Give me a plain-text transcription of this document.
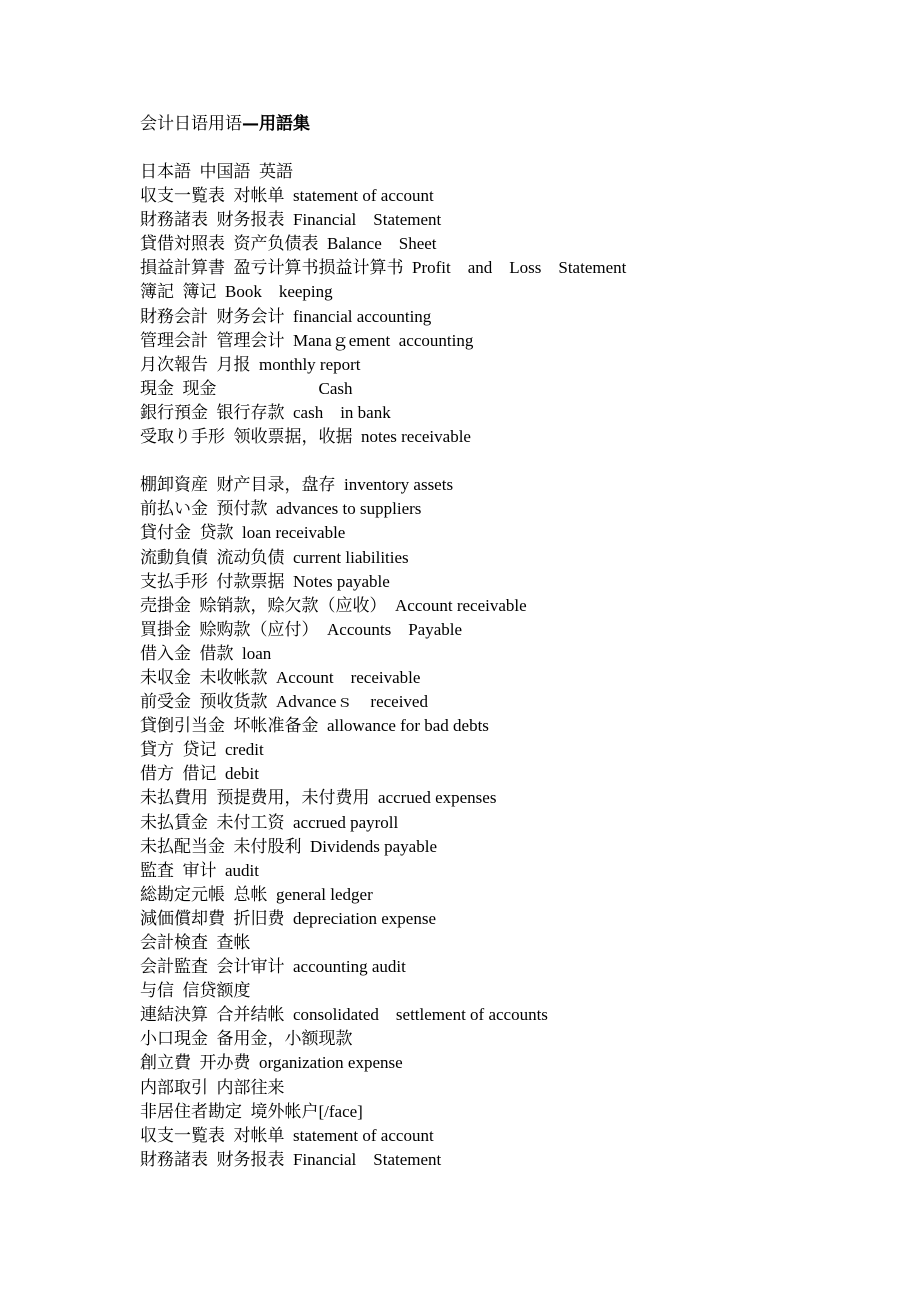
会计日语用语—用語集
日本語  中国語  英語
収支一覧表  对帐单  statement of account
財務諸表  财务报表  Financial    Statement
貸借対照表  资产负债表  Balance    Sheet
損益計算書  盈亏计算书损益计算书  Profit    and    Loss    Statement
簿記  簿记  Book    keeping
財務会計  财务会计  financial accounting
管理会計  管理会计  Manaｇement  accounting
月次報告  月报  monthly report
現金  现金                        Cash
銀行預金  银行存款  cash    in bank
受取り手形  领收票据，收据  notes receivable
棚卸資産  财产目录，盘存  inventory assets
前払い金  预付款  advances to suppliers
貸付金  贷款  loan receivable
流動負債  流动负债  current liabilities
支払手形  付款票据  Notes payable
売掛金  赊销款，赊欠款（应收）  Account receivable
買掛金  赊购款（应付）  Accounts    Payable
借入金  借款  loan
未収金  未收帐款  Account    receivable
前受金  预收货款  Advanceｓ    received
貸倒引当金  坏帐准备金  allowance for bad debts
貸方  贷记  credit
借方  借记  debit
未払費用  预提费用，未付费用  accrued expenses
未払賃金  未付工资  accrued payroll
未払配当金  未付股利  Dividends payable
監査  审计  audit
総勘定元帳  总帐  general ledger
減価償却費  折旧费  depreciation expense
会計検査  查帐
会計監査  会计审计  accounting audit
与信  信贷额度
連結決算  合并结帐  consolidated    settlement of accounts
小口現金  备用金，小额现款
創立費  开办费  organization expense
内部取引  内部往来
非居住者勘定  境外帐户[/face]
収支一覧表  对帐单  statement of account
財務諸表  财务报表  Financial    Statement
